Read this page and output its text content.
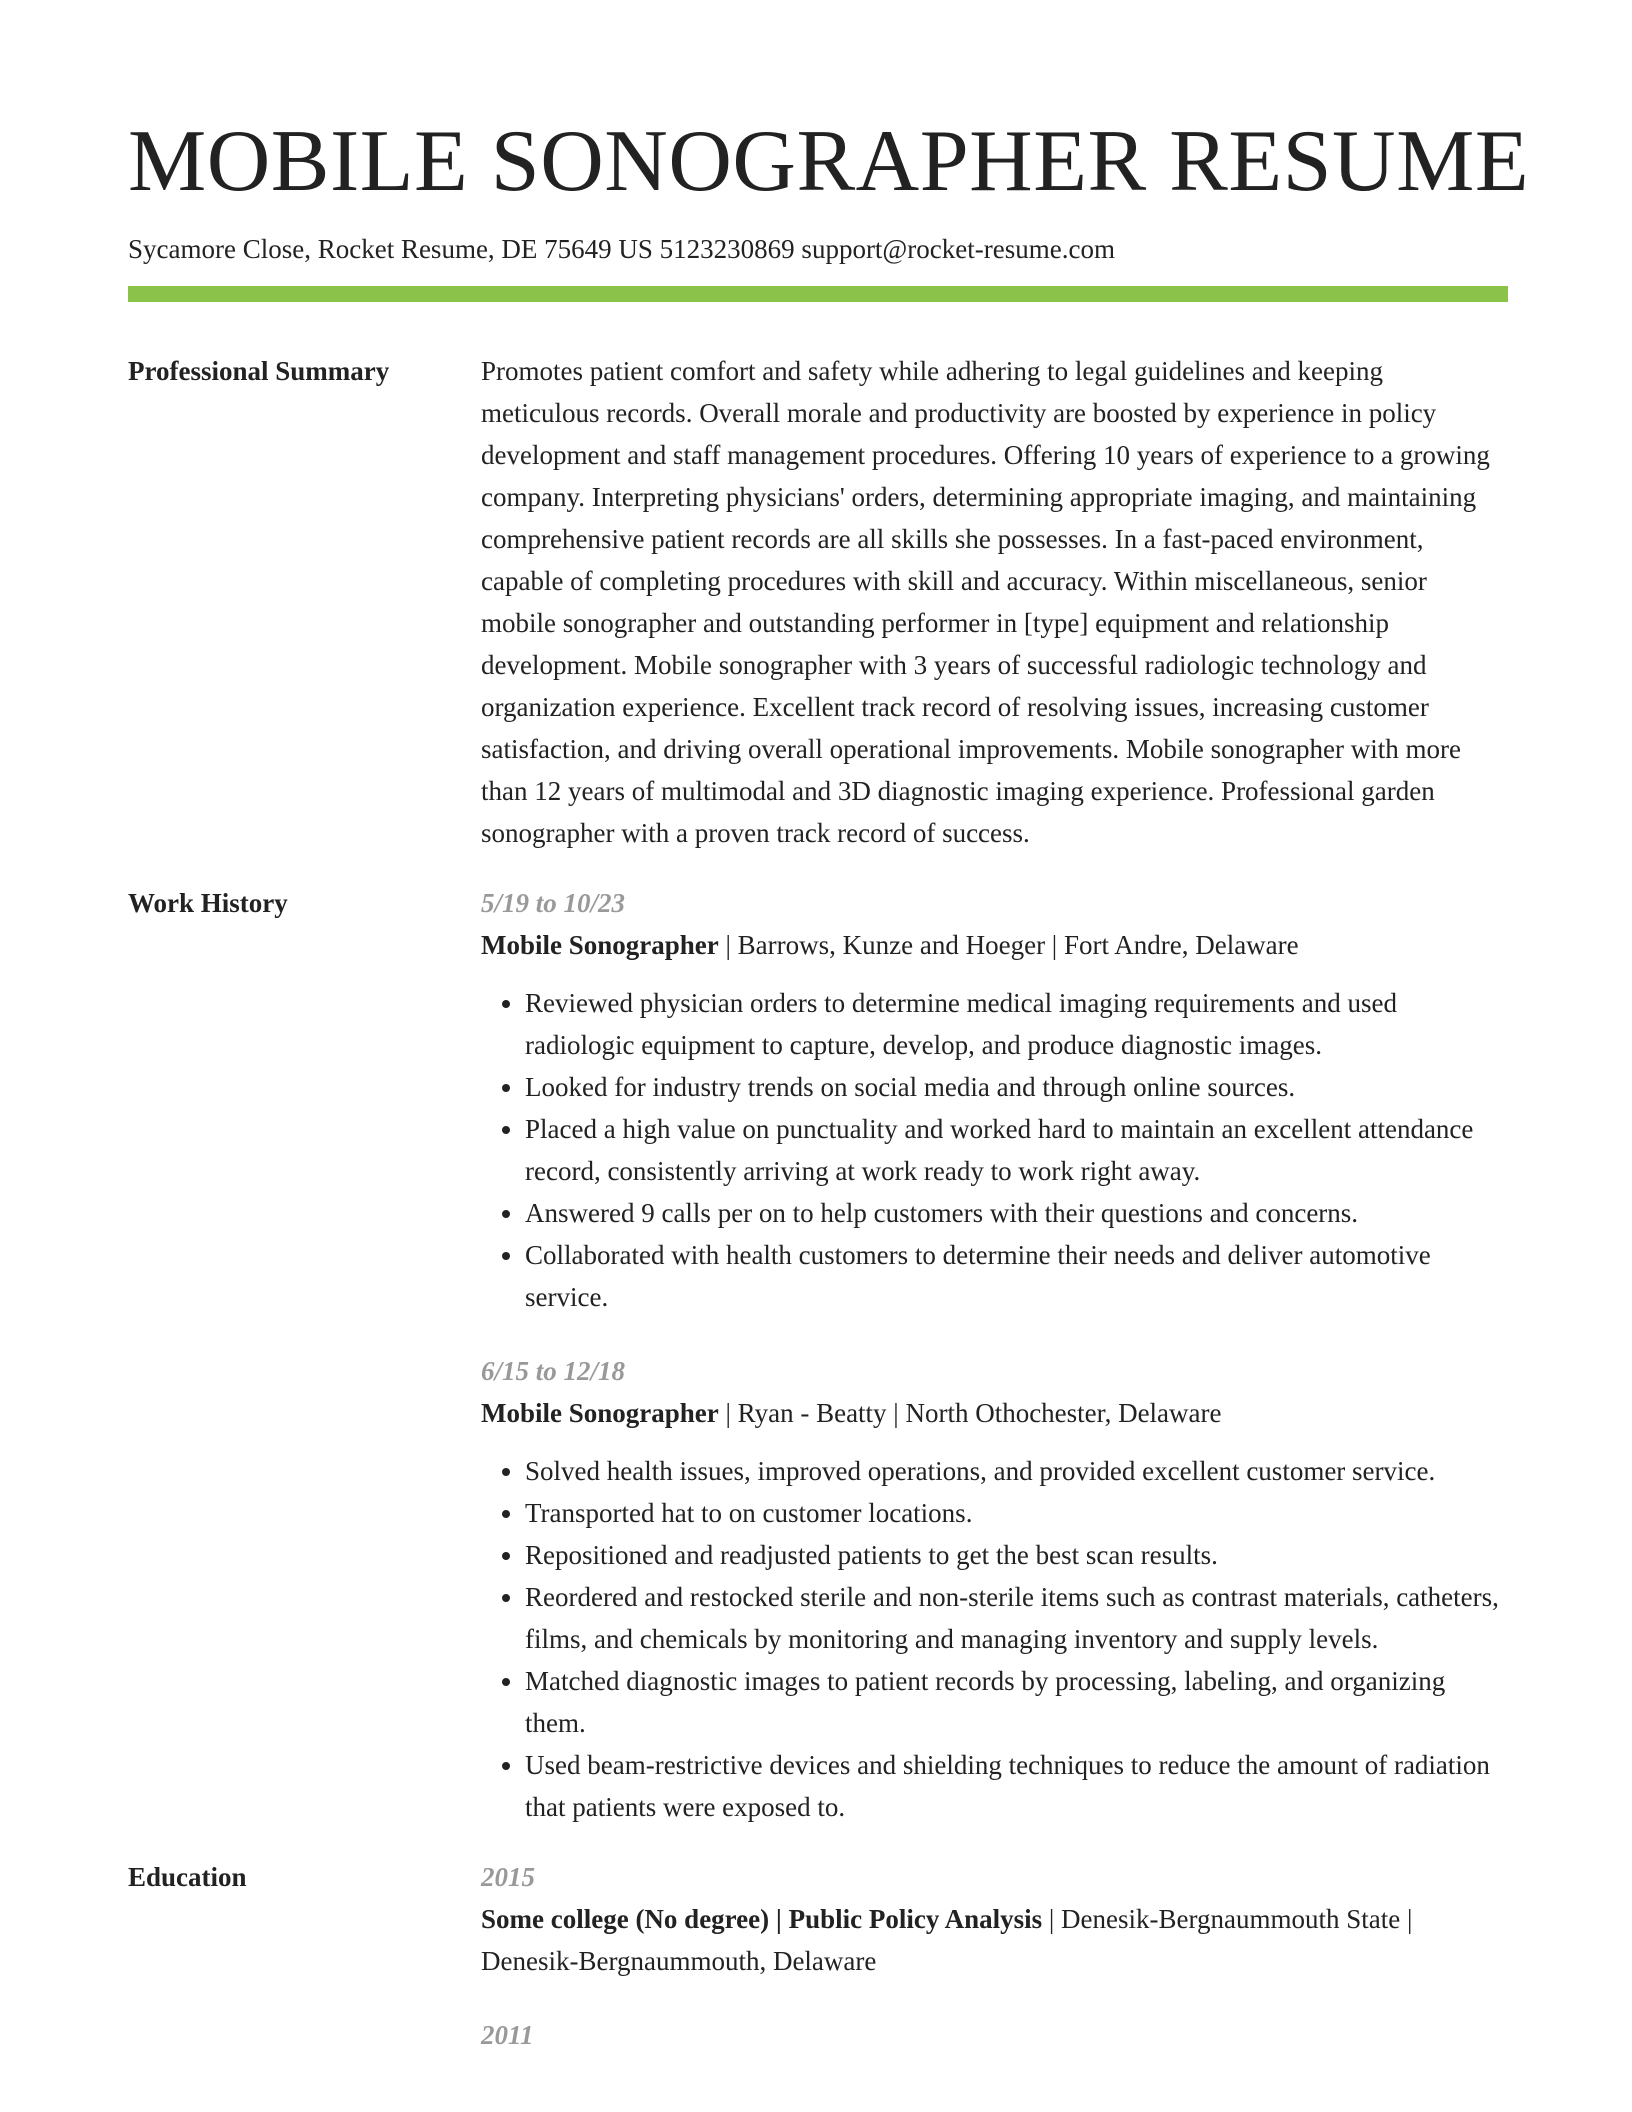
MOBILE SONOGRAPHER RESUME
Sycamore Close, Rocket Resume, DE 75649 US 5123230869 support@rocket-resume.com
Professional Summary	Promotes patient comfort and safety while adhering to legal guidelines and keeping meticulous records. Overall morale and productivity are boosted by experience in policy development and staff management procedures. Offering 10 years of experience to a growing company. Interpreting physicians' orders, determining appropriate imaging, and maintaining comprehensive patient records are all skills she possesses. In a fast-paced environment, capable of completing procedures with skill and accuracy. Within miscellaneous, senior mobile sonographer and outstanding performer in [type] equipment and relationship development. Mobile sonographer with 3 years of successful radiologic technology and organization experience. Excellent track record of resolving issues, increasing customer satisfaction, and driving overall operational improvements. Mobile sonographer with more than 12 years of multimodal and 3D diagnostic imaging experience. Professional garden sonographer with a proven track record of success.

Work History	5/19 to 10/23
Mobile Sonographer | Barrows, Kunze and Hoeger | Fort Andre, Delaware
• Reviewed physician orders to determine medical imaging requirements and used radiologic equipment to capture, develop, and produce diagnostic images.
• Looked for industry trends on social media and through online sources.
• Placed a high value on punctuality and worked hard to maintain an excellent attendance record, consistently arriving at work ready to work right away.
• Answered 9 calls per on to help customers with their questions and concerns.
• Collaborated with health customers to determine their needs and deliver automotive service.
6/15 to 12/18
Mobile Sonographer | Ryan - Beatty | North Othochester, Delaware
• Solved health issues, improved operations, and provided excellent customer service.
• Transported hat to on customer locations.
• Repositioned and readjusted patients to get the best scan results.
• Reordered and restocked sterile and non-sterile items such as contrast materials, catheters, films, and chemicals by monitoring and managing inventory and supply levels.
• Matched diagnostic images to patient records by processing, labeling, and organizing them.
• Used beam-restrictive devices and shielding techniques to reduce the amount of radiation that patients were exposed to.
Education	2015
Some college (No degree) | Public Policy Analysis | Denesik-Bergnaummouth State | Denesik-Bergnaummouth, Delaware
2011
